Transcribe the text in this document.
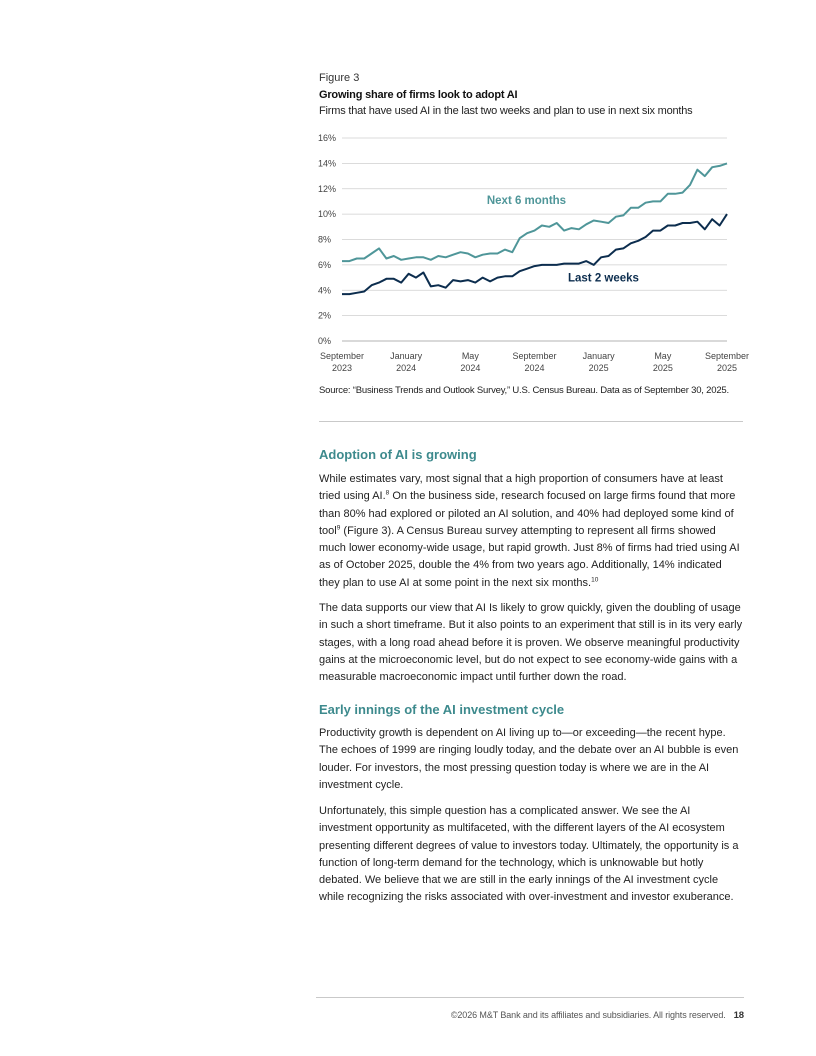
Figure 3
Growing share of firms look to adopt AI
Firms that have used AI in the last two weeks and plan to use in next six months
0%
2%
4%
6%
8%
10%
12%
14%
16%
September
2023
January
2024
May
2024
September
2024
January
2025
May
2025
September
2025
Next 6 months
Last 2 weeks
Source: “Business Trends and Outlook Survey,” U.S. Census Bureau. Data as of September 30, 2025.
Adoption of AI is growing

While estimates vary, most signal that a high proportion of consumers have at least tried using AI.$^8$ On the business side, research focused on large firms found that more than 80% had explored or piloted an AI solution, and 40% had deployed some kind of tool$^9$ (Figure 3). A Census Bureau survey attempting to represent all firms showed much lower economy-wide usage, but rapid growth. Just 8% of firms had tried using AI as of October 2025, double the 4% from two years ago. Additionally, 14% indicated they plan to use AI at some point in the next six months.$^{10}$

The data supports our view that AI Is likely to grow quickly, given the doubling of usage in such a short timeframe. But it also points to an experiment that still is in its very early stages, with a long road ahead before it is proven. We observe meaningful productivity gains at the microeconomic level, but do not expect to see economy-wide gains with a measurable macroeconomic impact until further down the road.

Early innings of the AI investment cycle

Productivity growth is dependent on AI living up to—or exceeding—the recent hype. The echoes of 1999 are ringing loudly today, and the debate over an AI bubble is even louder. For investors, the most pressing question today is where we are in the AI investment cycle.

Unfortunately, this simple question has a complicated answer. We see the AI investment opportunity as multifaceted, with the different layers of the AI ecosystem presenting different degrees of value to investors today. Ultimately, the opportunity is a function of long-term demand for the technology, which is unknowable but hotly debated. We believe that we are still in the early innings of the AI investment cycle while recognizing the risks associated with over-investment and investor exuberance.

©2026 M&T Bank and its affiliates and subsidiaries. All rights reserved. 18
